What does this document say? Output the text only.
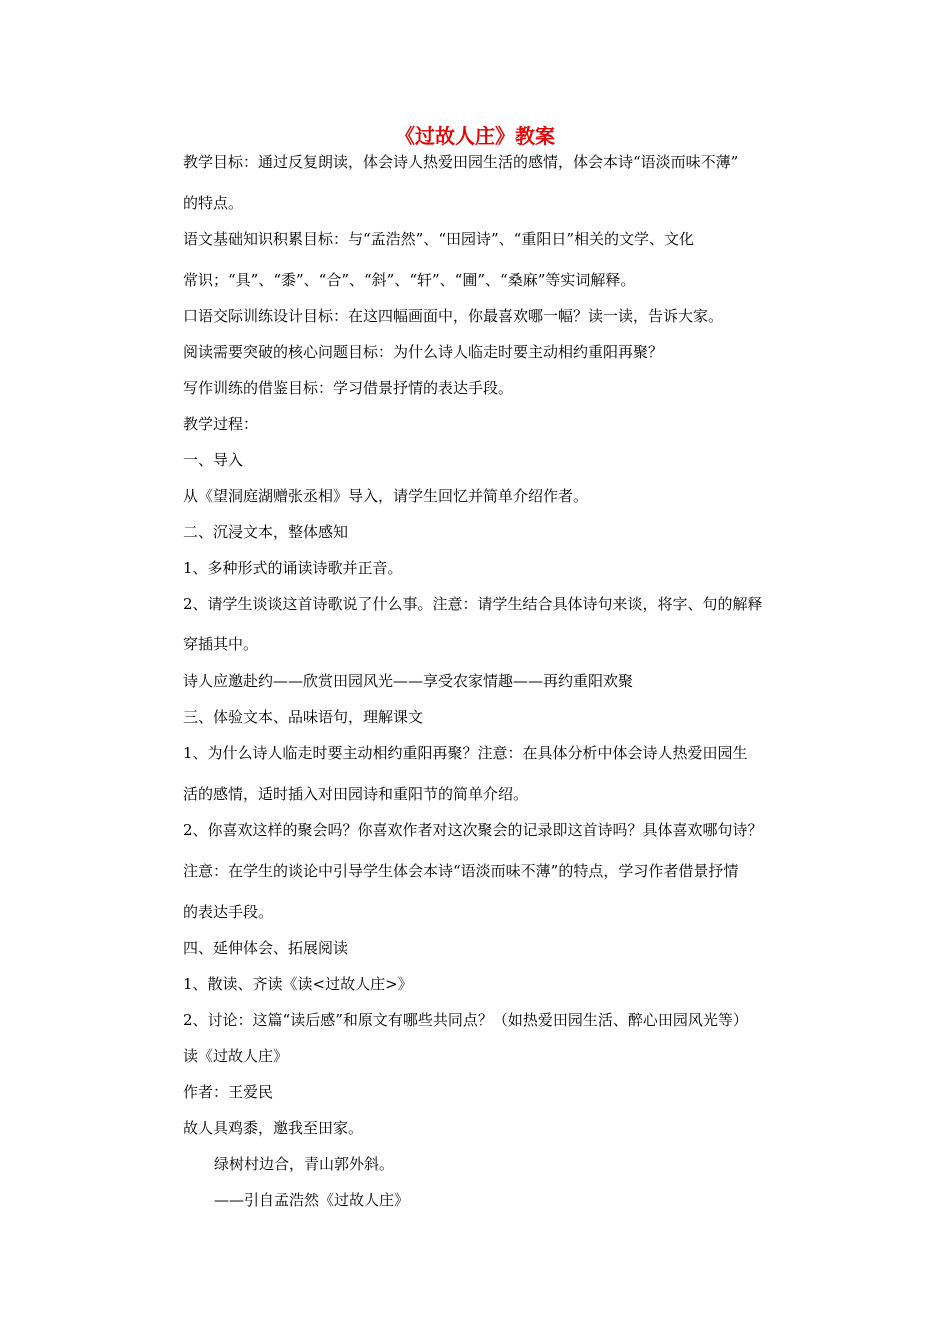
《过故人庄》教案
教学目标：通过反复朗读，体会诗人热爱田园生活的感情，体会本诗“语淡而味不薄”
的特点。
语文基础知识积累目标：与“孟浩然”、“田园诗”、“重阳日”相关的文学、文化
常识；“具”、“黍”、“合”、“斜”、“轩”、“圃”、“桑麻”等实词解释。
口语交际训练设计目标：在这四幅画面中，你最喜欢哪一幅？读一读，告诉大家。
阅读需要突破的核心问题目标：为什么诗人临走时要主动相约重阳再聚？
写作训练的借鉴目标：学习借景抒情的表达手段。
教学过程：
一、导入
从《望洞庭湖赠张丞相》导入，请学生回忆并简单介绍作者。
二、沉浸文本，整体感知
1、多种形式的诵读诗歌并正音。
2、请学生谈谈这首诗歌说了什么事。注意：请学生结合具体诗句来谈，将字、句的解释
穿插其中。
诗人应邀赴约——欣赏田园风光——享受农家情趣——再约重阳欢聚
三、体验文本、品味语句，理解课文
1、为什么诗人临走时要主动相约重阳再聚？注意：在具体分析中体会诗人热爱田园生
活的感情，适时插入对田园诗和重阳节的简单介绍。
2、你喜欢这样的聚会吗？你喜欢作者对这次聚会的记录即这首诗吗？具体喜欢哪句诗？
注意：在学生的谈论中引导学生体会本诗“语淡而味不薄”的特点，学习作者借景抒情
的表达手段。
四、延伸体会、拓展阅读
1、散读、齐读《读<过故人庄>》
2、讨论：这篇“读后感”和原文有哪些共同点？（如热爱田园生活、醉心田园风光等）
读《过故人庄》
作者：王爱民
故人具鸡黍，邀我至田家。
绿树村边合，青山郭外斜。
——引自孟浩然《过故人庄》
